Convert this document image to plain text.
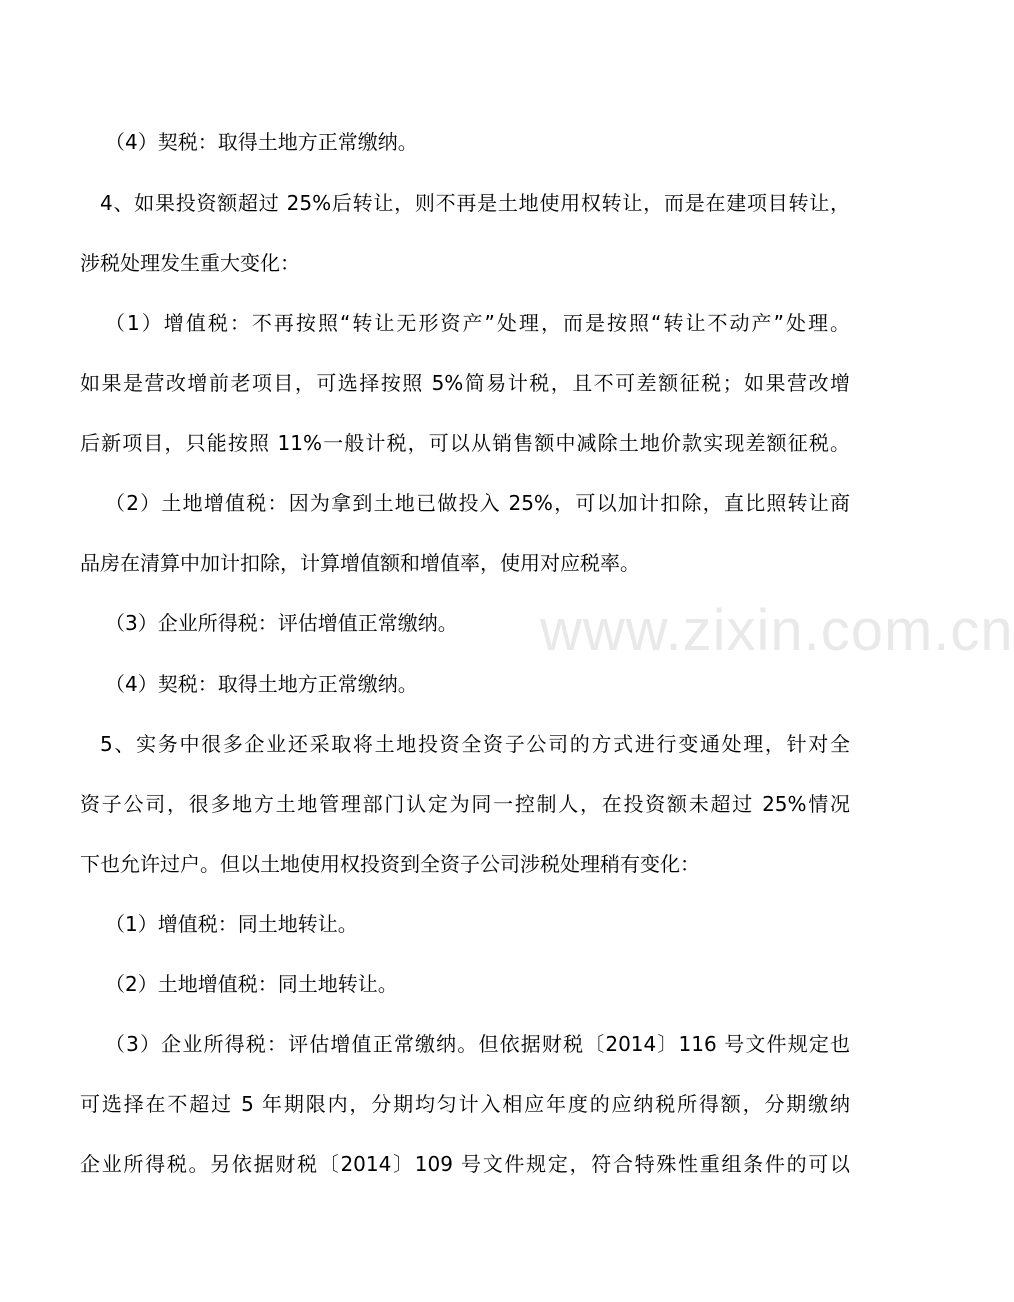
（4）契税：取得土地方正常缴纳。
4、如果投资额超过 25%后转让，则不再是土地使用权转让，而是在建项目转让，
涉税处理发生重大变化：
（1）增值税：不再按照“转让无形资产”处理，而是按照“转让不动产”处理。
如果是营改增前老项目，可选择按照 5%简易计税，且不可差额征税；如果营改增
后新项目，只能按照 11%一般计税，可以从销售额中减除土地价款实现差额征税。
（2）土地增值税：因为拿到土地已做投入 25%，可以加计扣除，直比照转让商
品房在清算中加计扣除，计算增值额和增值率，使用对应税率。
（3）企业所得税：评估增值正常缴纳。
（4）契税：取得土地方正常缴纳。
5、实务中很多企业还采取将土地投资全资子公司的方式进行变通处理，针对全
资子公司，很多地方土地管理部门认定为同一控制人，在投资额未超过 25%情况
下也允许过户。但以土地使用权投资到全资子公司涉税处理稍有变化：
（1）增值税：同土地转让。
（2）土地增值税：同土地转让。
（3）企业所得税：评估增值正常缴纳。但依据财税〔2014〕116 号文件规定也
可选择在不超过 5 年期限内，分期均匀计入相应年度的应纳税所得额，分期缴纳
企业所得税。另依据财税〔2014〕109 号文件规定，符合特殊性重组条件的可以
www.zixin.com.cn
